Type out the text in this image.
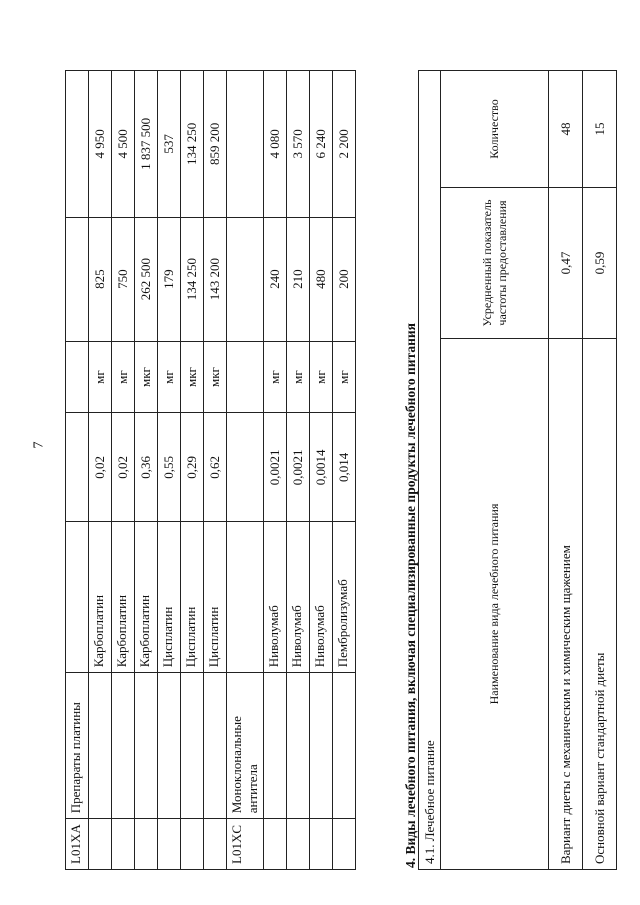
7
L01XA	Препараты платины					
		Карбоплатин	0,02	мг	825	4 950
		Карбоплатин	0,02	мг	750	4 500
		Карбоплатин	0,36	мкг	262 500	1 837 500
		Цисплатин	0,55	мг	179	537
		Цисплатин	0,29	мкг	134 250	134 250
		Цисплатин	0,62	мкг	143 200	859 200
L01XC	Моноклональные антитела					
		Ниволумаб	0,0021	мг	240	4 080
		Ниволумаб	0,0021	мг	210	3 570
		Ниволумаб	0,0014	мг	480	6 240
		Пембролизумаб	0,014	мг	200	2 200
4. Виды лечебного питания, включая специализированные продукты лечебного питания 4.1. Лечебное питание		
Наименование вида лечебного питания	Усредненный показатель частоты предоставления	Количество
Вариант диеты с механическим и химическим щажением	0,47	48
Основной вариант стандартной диеты	0,59	15
